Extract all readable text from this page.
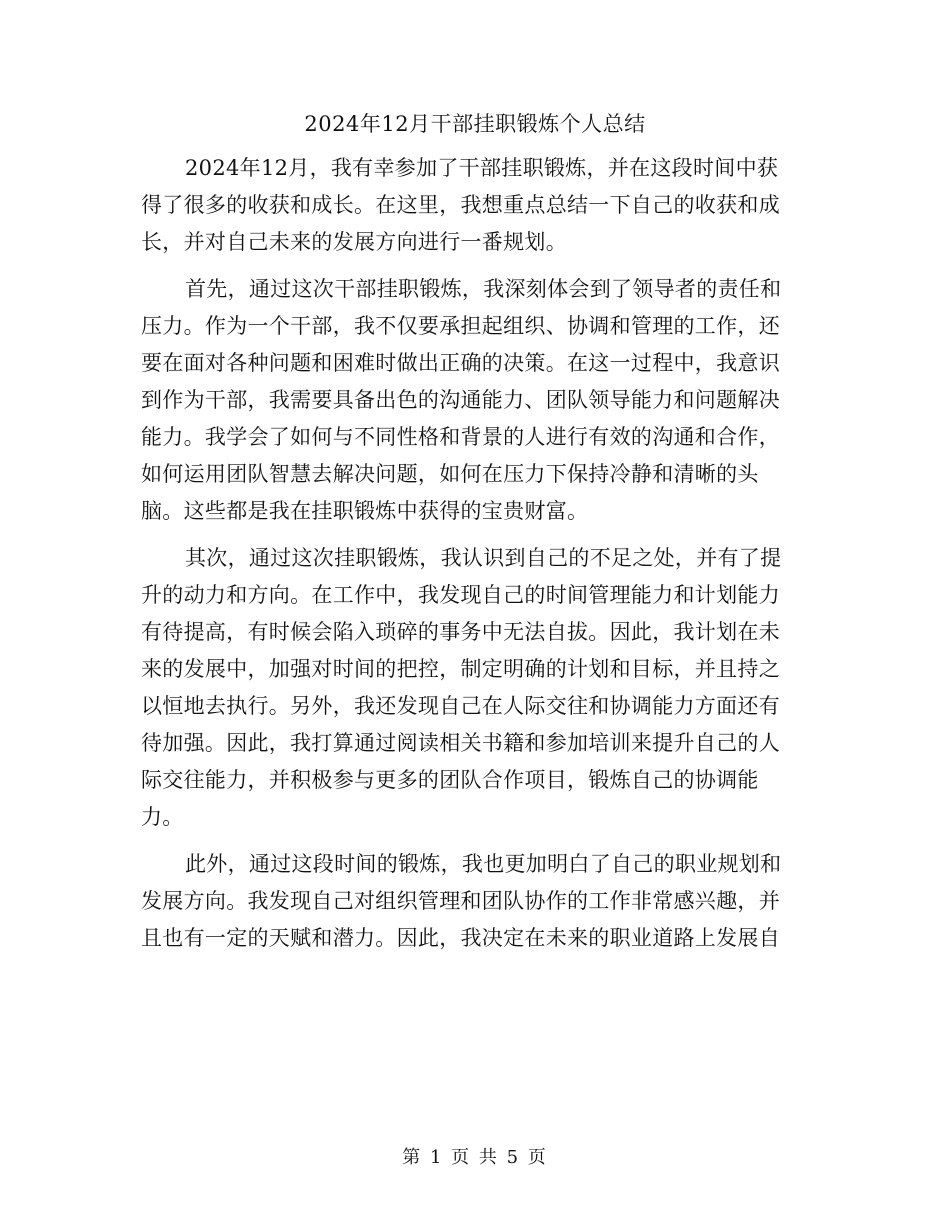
2024年12月干部挂职锻炼个人总结
2024年12月，我有幸参加了干部挂职锻炼，并在这段时间中获
得了很多的收获和成长。在这里，我想重点总结一下自己的收获和成
长，并对自己未来的发展方向进行一番规划。
首先，通过这次干部挂职锻炼，我深刻体会到了领导者的责任和
压力。作为一个干部，我不仅要承担起组织、协调和管理的工作，还
要在面对各种问题和困难时做出正确的决策。在这一过程中，我意识
到作为干部，我需要具备出色的沟通能力、团队领导能力和问题解决
能力。我学会了如何与不同性格和背景的人进行有效的沟通和合作，
如何运用团队智慧去解决问题，如何在压力下保持冷静和清晰的头
脑。这些都是我在挂职锻炼中获得的宝贵财富。
其次，通过这次挂职锻炼，我认识到自己的不足之处，并有了提
升的动力和方向。在工作中，我发现自己的时间管理能力和计划能力
有待提高，有时候会陷入琐碎的事务中无法自拔。因此，我计划在未
来的发展中，加强对时间的把控，制定明确的计划和目标，并且持之
以恒地去执行。另外，我还发现自己在人际交往和协调能力方面还有
待加强。因此，我打算通过阅读相关书籍和参加培训来提升自己的人
际交往能力，并积极参与更多的团队合作项目，锻炼自己的协调能
力。
此外，通过这段时间的锻炼，我也更加明白了自己的职业规划和
发展方向。我发现自己对组织管理和团队协作的工作非常感兴趣，并
且也有一定的天赋和潜力。因此，我决定在未来的职业道路上发展自
第 1 页 共 5 页
